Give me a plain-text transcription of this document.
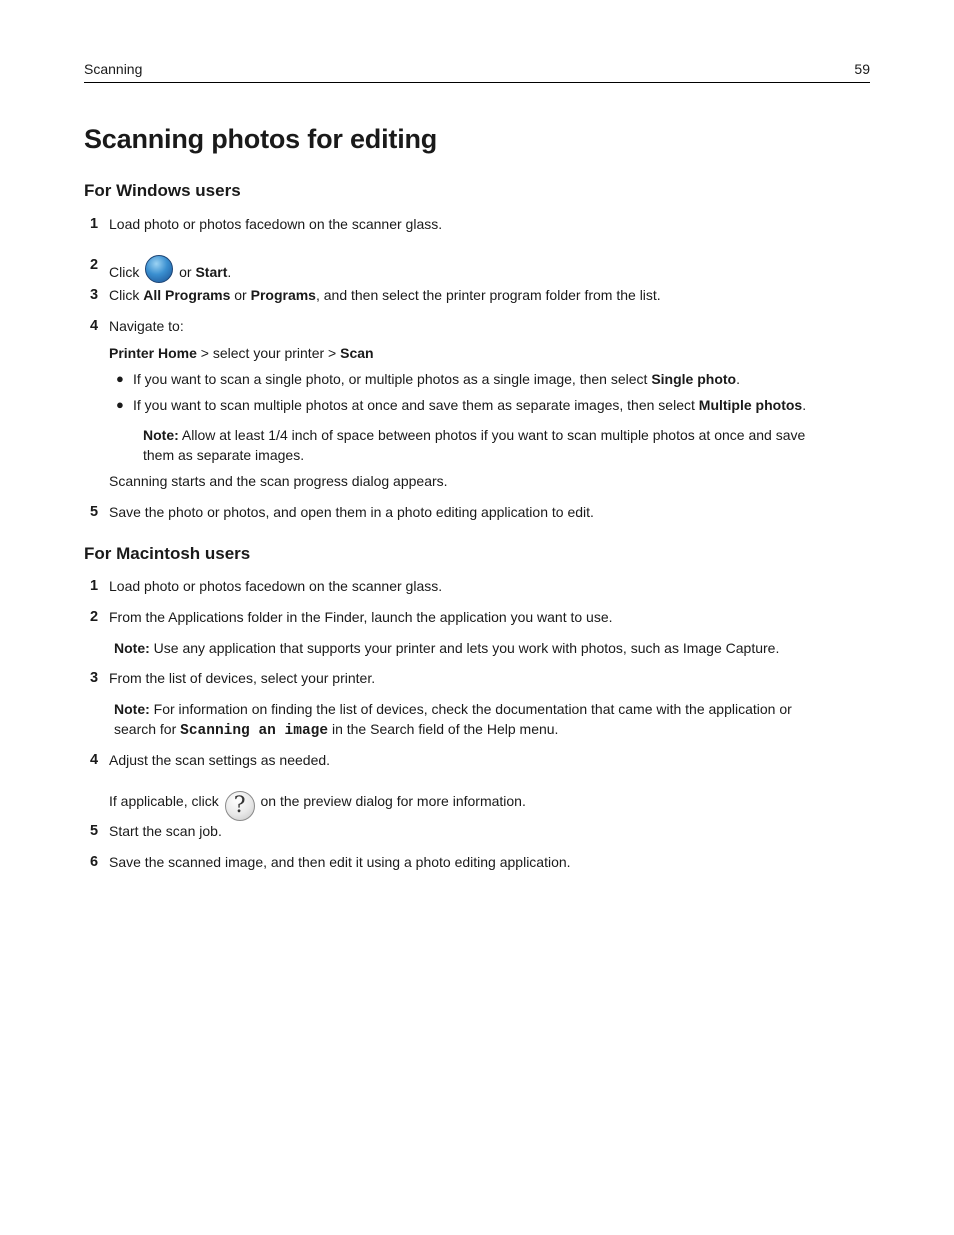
Scanning	59
Scanning photos for editing
For Windows users
1 Load photo or photos facedown on the scanner glass.
2 Click	or Start.
3 Click All Programs or Programs, and then select the printer program folder from the list.
4 Navigate to:
Printer Home > select your printer > Scan
● If you want to scan a single photo, or multiple photos as a single image, then select Single photo.
● If you want to scan multiple photos at once and save them as separate images, then select Multiple photos.
Note: Allow at least 1/4 inch of space between photos if you want to scan multiple photos at once and save
them as separate images.
Scanning starts and the scan progress dialog appears.
5 Save the photo or photos, and open them in a photo editing application to edit.
For Macintosh users
1 Load photo or photos facedown on the scanner glass.
2 From the Applications folder in the Finder, launch the application you want to use.
Note: Use any application that supports your printer and lets you work with photos, such as Image Capture.
3 From the list of devices, select your printer.
Note: For information on finding the list of devices, check the documentation that came with the application or
search for Scanning an image in the Search field of the Help menu.
4 Adjust the scan settings as needed.
If applicable, click ? on the preview dialog for more information.
5 Start the scan job.
6 Save the scanned image, and then edit it using a photo editing application.
